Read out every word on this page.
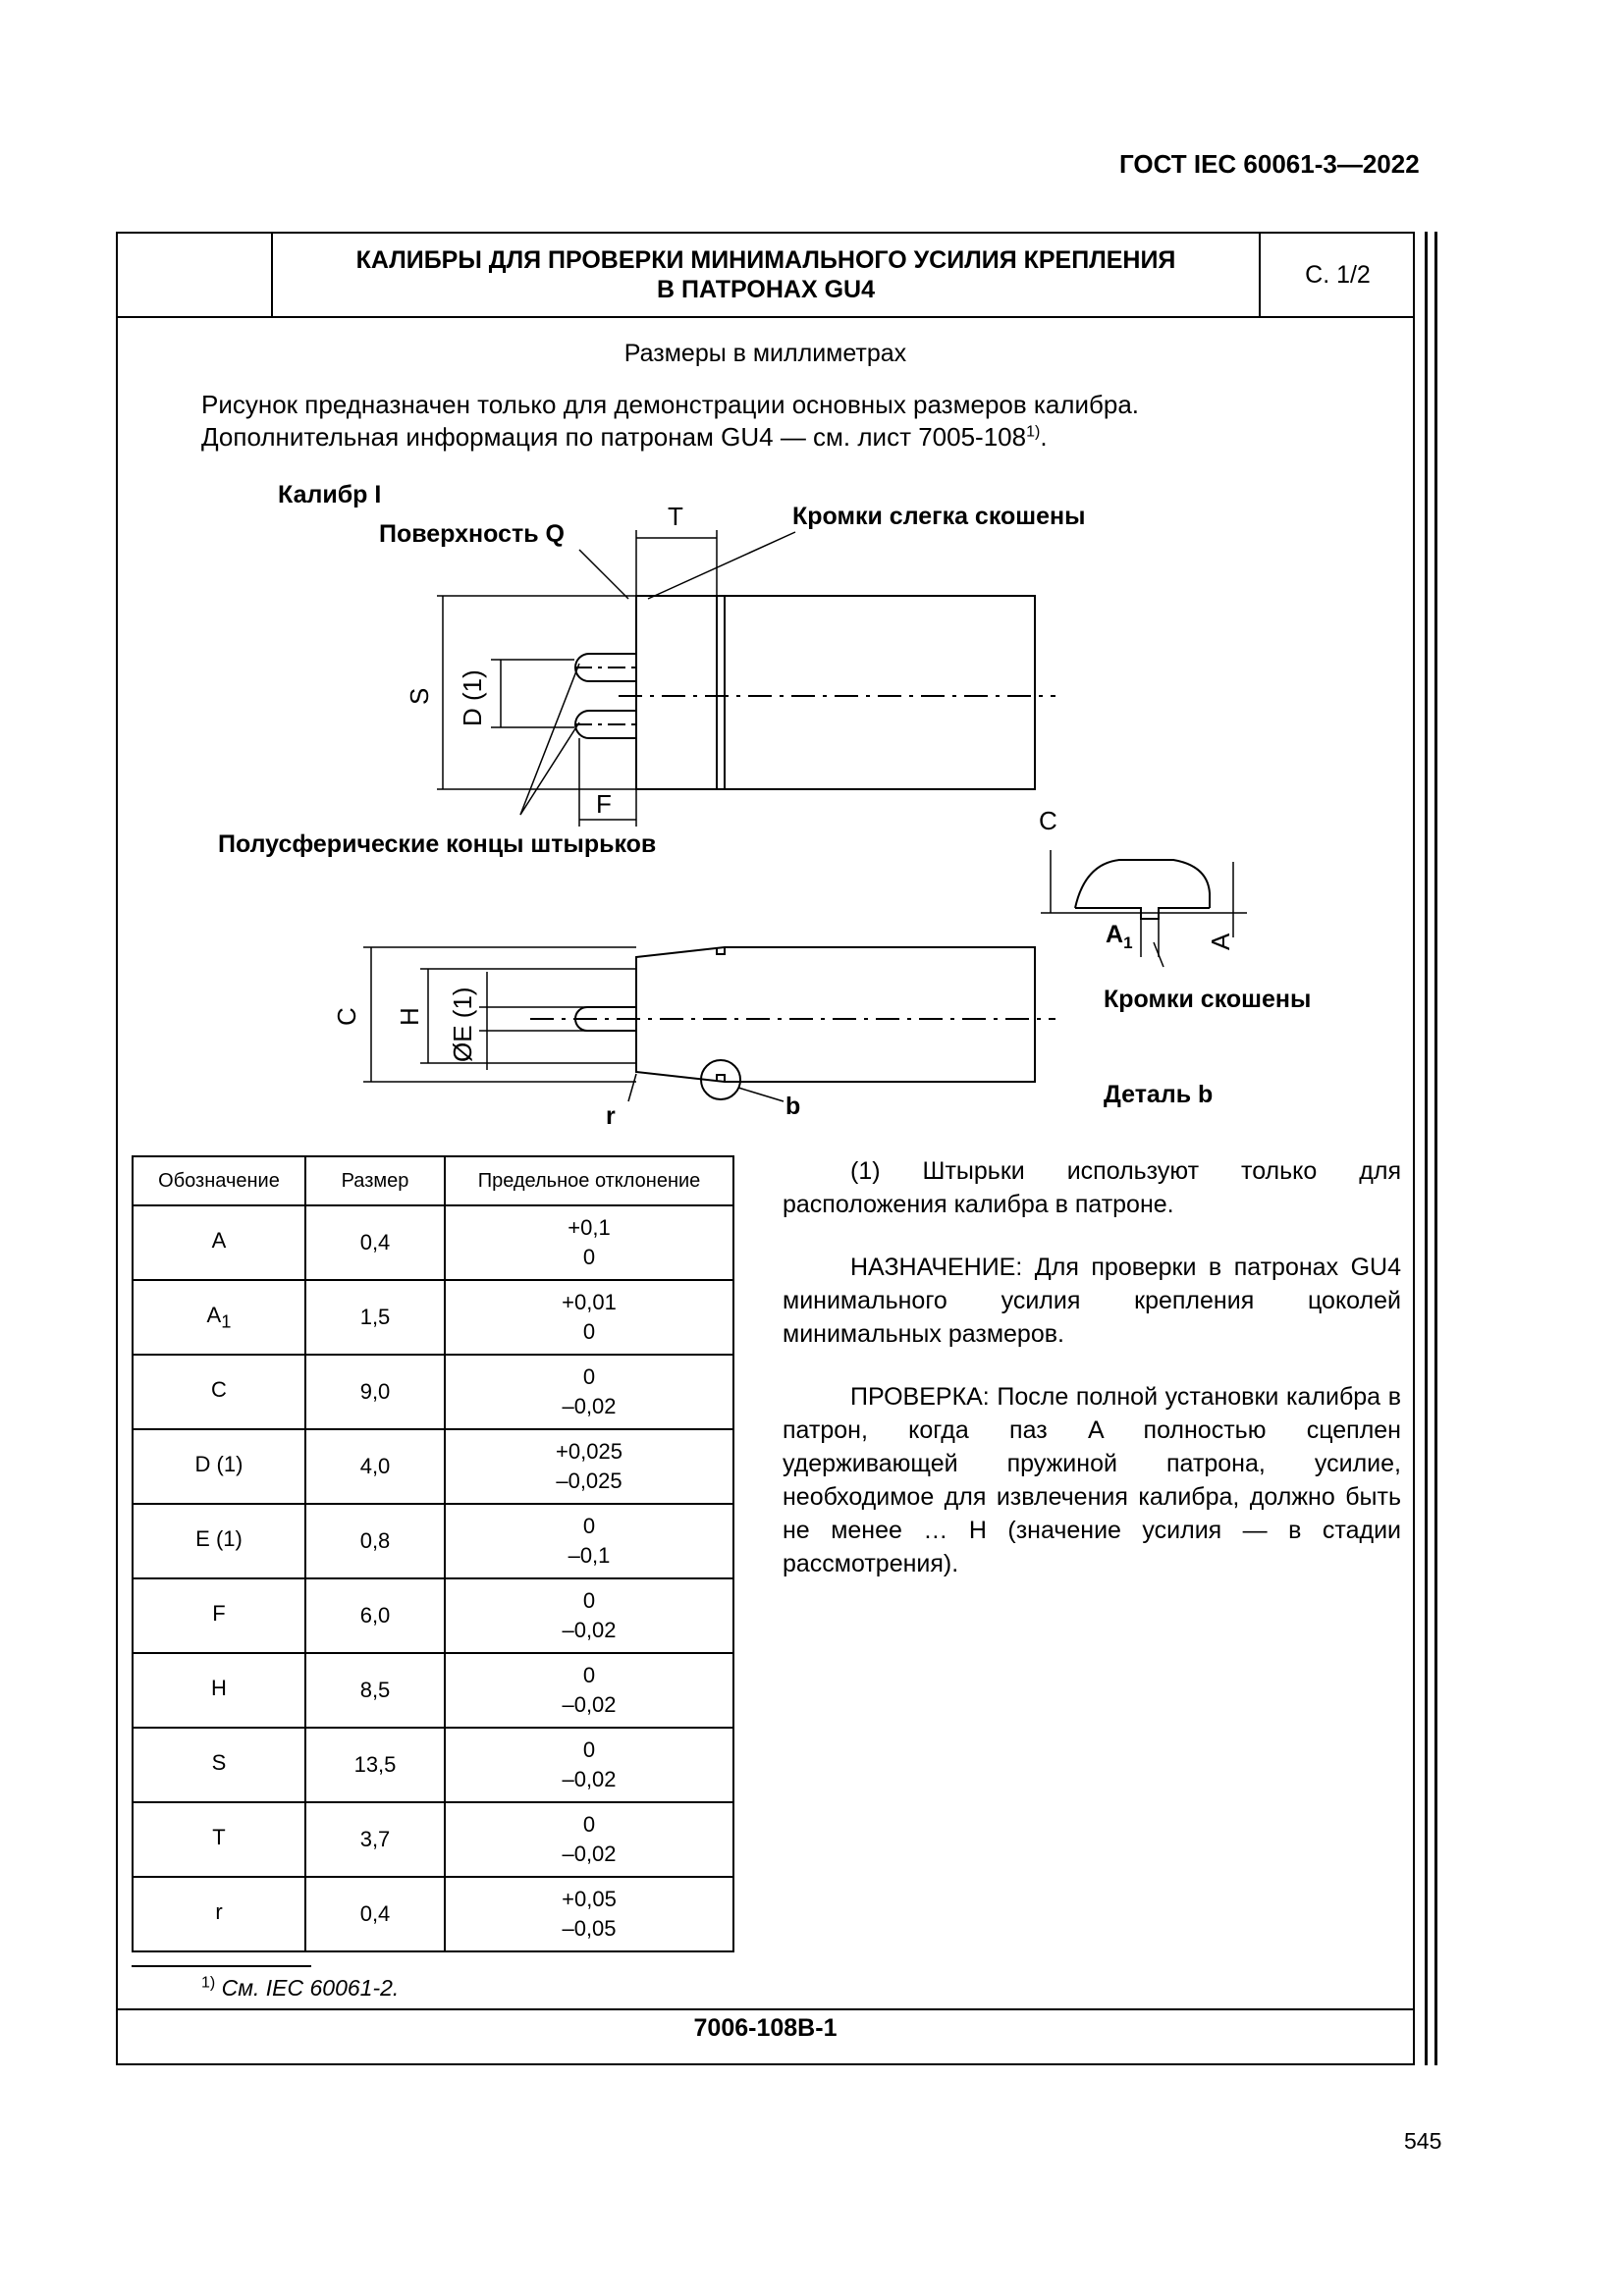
ГОСТ IEC 60061-3—2022
КАЛИБРЫ ДЛЯ ПРОВЕРКИ МИНИМАЛЬНОГО УСИЛИЯ КРЕПЛЕНИЯ
В ПАТРОНАХ GU4
С. 1/2
Размеры в миллиметрах
Рисунок предназначен только для демонстрации основных размеров калибра.
Дополнительная информация по патронам GU4 — см. лист 7005-108$^{1)}$.
Калибр I
Поверхность Q
T	Кромки слегка скошены
S D (1)
F
Полусферические концы штырьков
C H ØE (1)
r	b
C
$A_1$	A
Кромки скошены
Деталь b
Обозначение	Размер	Предельное отклонение
A	0,4	+0,1
0

$A_1$	1,5	+0,01
0

C	9,0	0
–0,02

D (1)	4,0	+0,025
–0,025

E (1)	0,8	0
–0,1

F	6,0	0
–0,02

H	8,5	0
–0,02

S	13,5	0
–0,02

T	3,7	0
–0,02

r	0,4	+0,05
–0,05

(1) Штырьки используют только для расположения калибра в патроне.

НАЗНАЧЕНИЕ: Для проверки в патронах GU4 минимального усилия крепления цоколей минимальных размеров.

ПРОВЕРКА: После полной установки калибра в патрон, когда паз A полностью сцеплен удерживающей пружиной патрона, усилие, необходимое для извлечения калибра, должно быть не менее … Н (значение усилия — в стадии рассмотрения).

$^{1)}$ См. IEC 60061-2.
7006-108B-1
545
